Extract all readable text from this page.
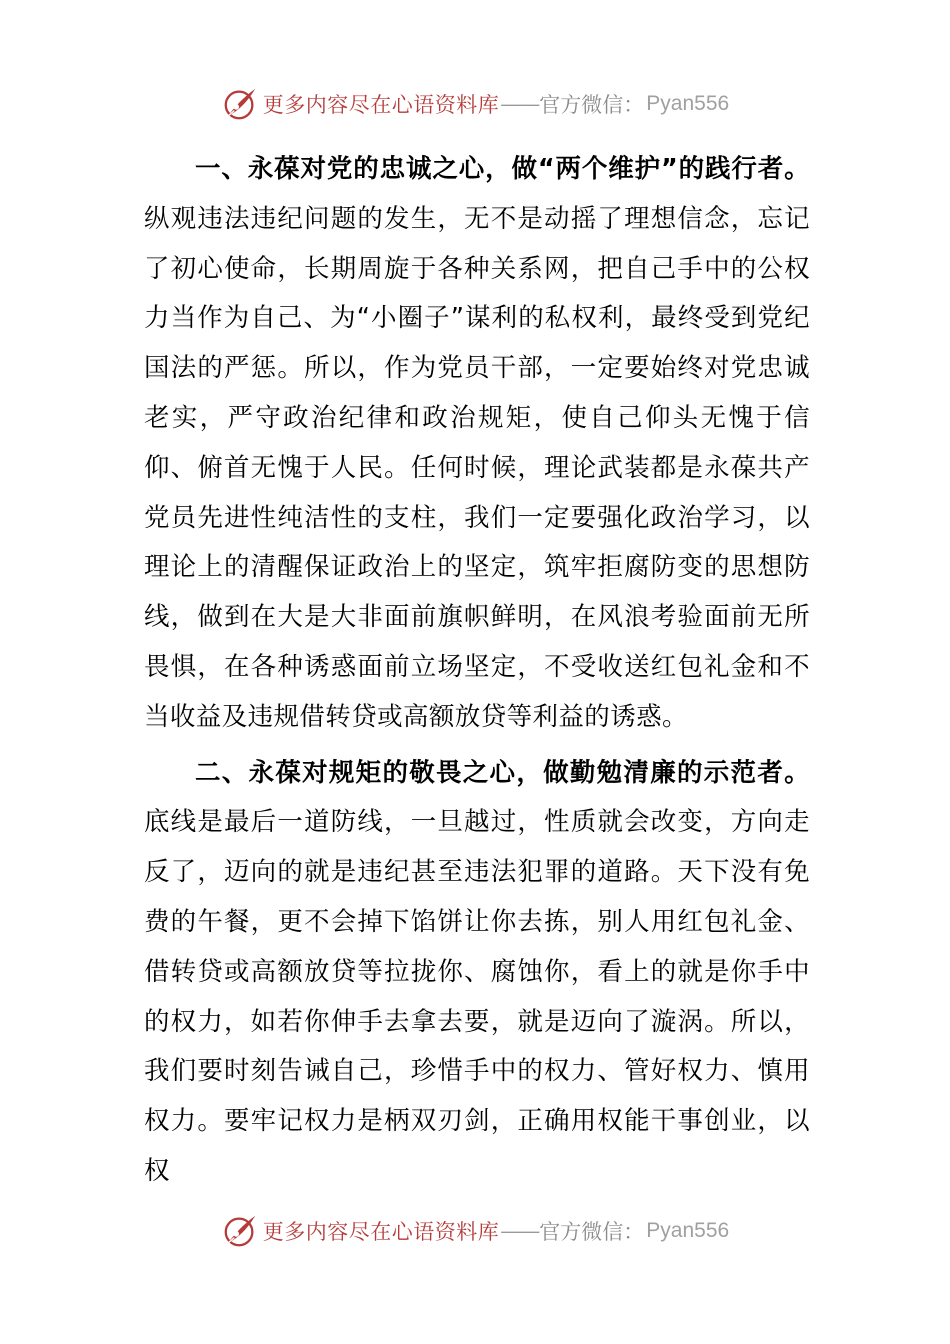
更多内容尽在心语资料库 —— 官方微信： Pyan556

一、永葆对党的忠诚之心，做“两个维护”的践行者。纵观违法违纪问题的发生，无不是动摇了理想信念，忘记了初心使命，长期周旋于各种关系网，把自己手中的公权力当作为自己、为“小圈子”谋利的私权利，最终受到党纪国法的严惩。所以，作为党员干部，一定要始终对党忠诚老实，严守政治纪律和政治规矩，使自己仰头无愧于信仰、俯首无愧于人民。任何时候，理论武装都是永葆共产党员先进性纯洁性的支柱，我们一定要强化政治学习，以理论上的清醒保证政治上的坚定，筑牢拒腐防变的思想防线，做到在大是大非面前旗帜鲜明，在风浪考验面前无所畏惧，在各种诱惑面前立场坚定，不受收送红包礼金和不当收益及违规借转贷或高额放贷等利益的诱惑。

二、永葆对规矩的敬畏之心，做勤勉清廉的示范者。底线是最后一道防线，一旦越过，性质就会改变，方向走反了，迈向的就是违纪甚至违法犯罪的道路。天下没有免费的午餐，更不会掉下馅饼让你去拣，别人用红包礼金、借转贷或高额放贷等拉拢你、腐蚀你，看上的就是你手中的权力，如若你伸手去拿去要，就是迈向了漩涡。所以，我们要时刻告诫自己，珍惜手中的权力、管好权力、慎用权力。要牢记权力是柄双刃剑，正确用权能干事创业，以权

更多内容尽在心语资料库 —— 官方微信： Pyan556
